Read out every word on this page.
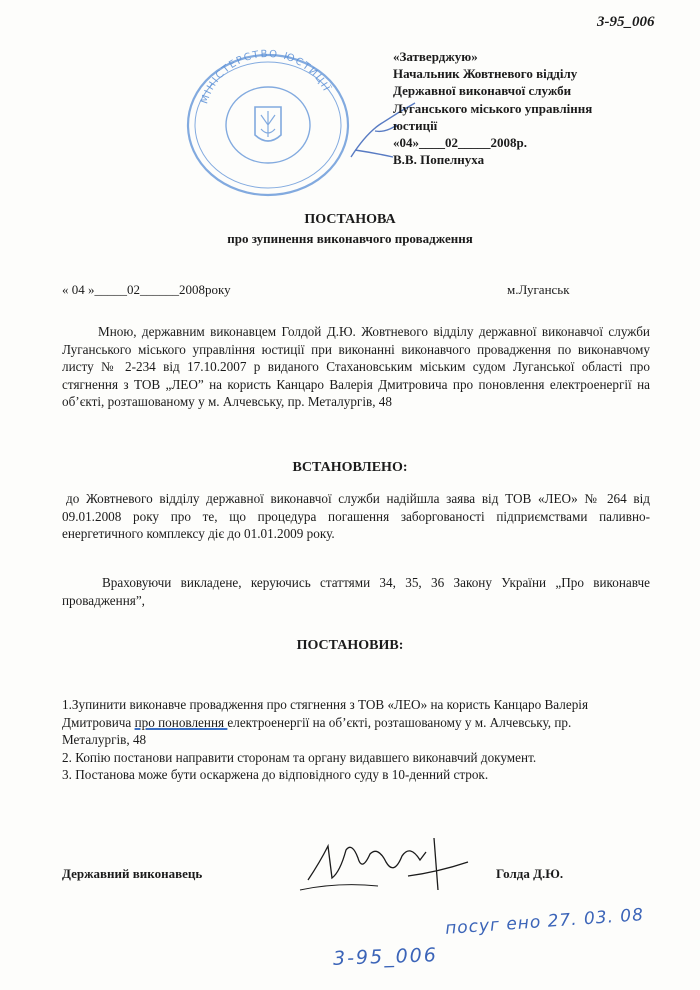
3-95_006
МІНІСТЕРСТВО ЮСТИЦІЇ
«Затверджую»
Начальник Жовтневого відділу
Державної виконавчої служби
Луганського міського управління
юстиції
«04»____02_____2008р.
В.В. Попелнуха
ПОСТАНОВА
про зупинення виконавчого провадження
« 04 »_____02______2008року	м.Луганськ
Мною, державним виконавцем Голдой Д.Ю. Жовтневого відділу державної виконавчої служби Луганського міського управління юстиції при виконанні виконавчого провадження по виконавчому листу № 2-234 від 17.10.2007 р виданого Стахановським міським судом Луганської області про стягнення з ТОВ „ЛЕО” на користь Канцаро Валерія Дмитровича про поновлення електроенергії на об’єкті, розташованому у м. Алчевську, пр. Металургів, 48
ВСТАНОВЛЕНО:
до Жовтневого відділу державної виконавчої служби надійшла заява від ТОВ «ЛЕО» № 264 від 09.01.2008 року про те, що процедура погашення заборгованості підприємствами паливно-енергетичного комплексу діє до 01.01.2009 року.
Враховуючи викладене, керуючись статтями 34, 35, 36 Закону України „Про виконавче провадження”,
ПОСТАНОВИВ:
1.Зупинити виконавче провадження про стягнення з ТОВ «ЛЕО» на користь Канцаро Валерія
Дмитровича про поновлення електроенергії на об’єкті, розташованому у м. Алчевську, пр.
Металургів, 48
2. Копію постанови направити сторонам та органу видавшего виконавчий документ.
3. Постанова може бути оскаржена до відповідного суду в 10-денний строк.
Державний виконавець	Голда Д.Ю.
посуг ено 27. 03. 08
3-95_006
